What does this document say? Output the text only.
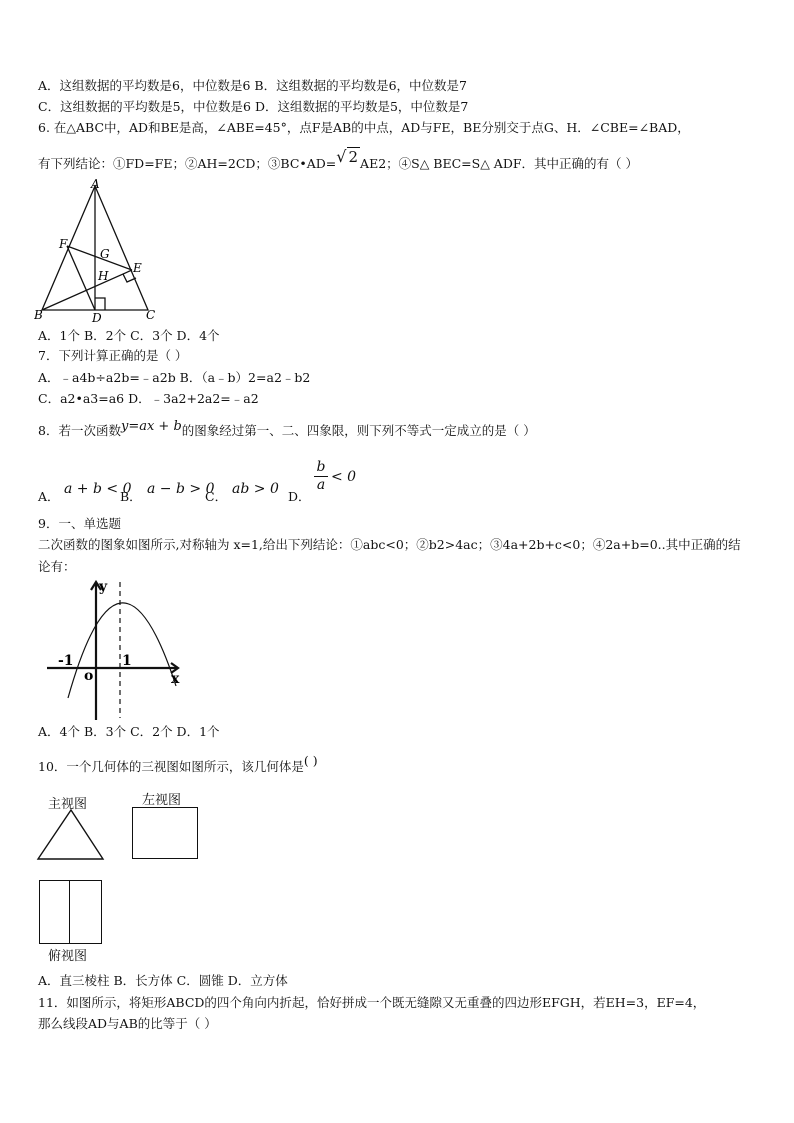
A．这组数据的平均数是6，中位数是6 B．这组数据的平均数是6，中位数是7
C．这组数据的平均数是5，中位数是6 D．这组数据的平均数是5，中位数是7
6. 在△ABC中，AD和BE是高，∠ABE=45°，点F是AB的中点，AD与FE，BE分别交于点G、H．∠CBE=∠BAD，
有下列结论：①FD=FE；②AH=2CD；③BC•AD=√ 2 AE2；④S△ BEC=S△ ADF．其中正确的有（ ）
A
B	C
D
E
F
G
H
A．1个 B．2个 C．3个 D．4个
7．下列计算正确的是（ ）
A．﹣a4b÷a2b=﹣a2b B．（a﹣b）2=a2﹣b2
C．a2•a3=a6 D．﹣3a2+2a2=﹣a2
8．若一次函数y=ax + b的图象经过第一、二、四象限，则下列不等式一定成立的是（ ）
A． a + b < 0
B． a − b > 0
C． ab > 0 D．
$\frac{b}{a} < 0$
9．一、单选题
二次函数的图象如图所示,对称轴为 x=1,给出下列结论：①abc<0；②b2>4ac；③4a+2b+c<0；④2a+b=0..其中正确的结
论有：
y
x
o
-1	1
A．4个 B．3个 C．2个 D．1个
10．一个几何体的三视图如图所示，该几何体是( )
主视图	左视图
俯视图
A．直三棱柱 B．长方体 C．圆锥 D．立方体
11．如图所示，将矩形ABCD的四个角向内折起，恰好拼成一个既无缝隙又无重叠的四边形EFGH，若EH=3，EF=4，
那么线段AD与AB的比等于（ ）
